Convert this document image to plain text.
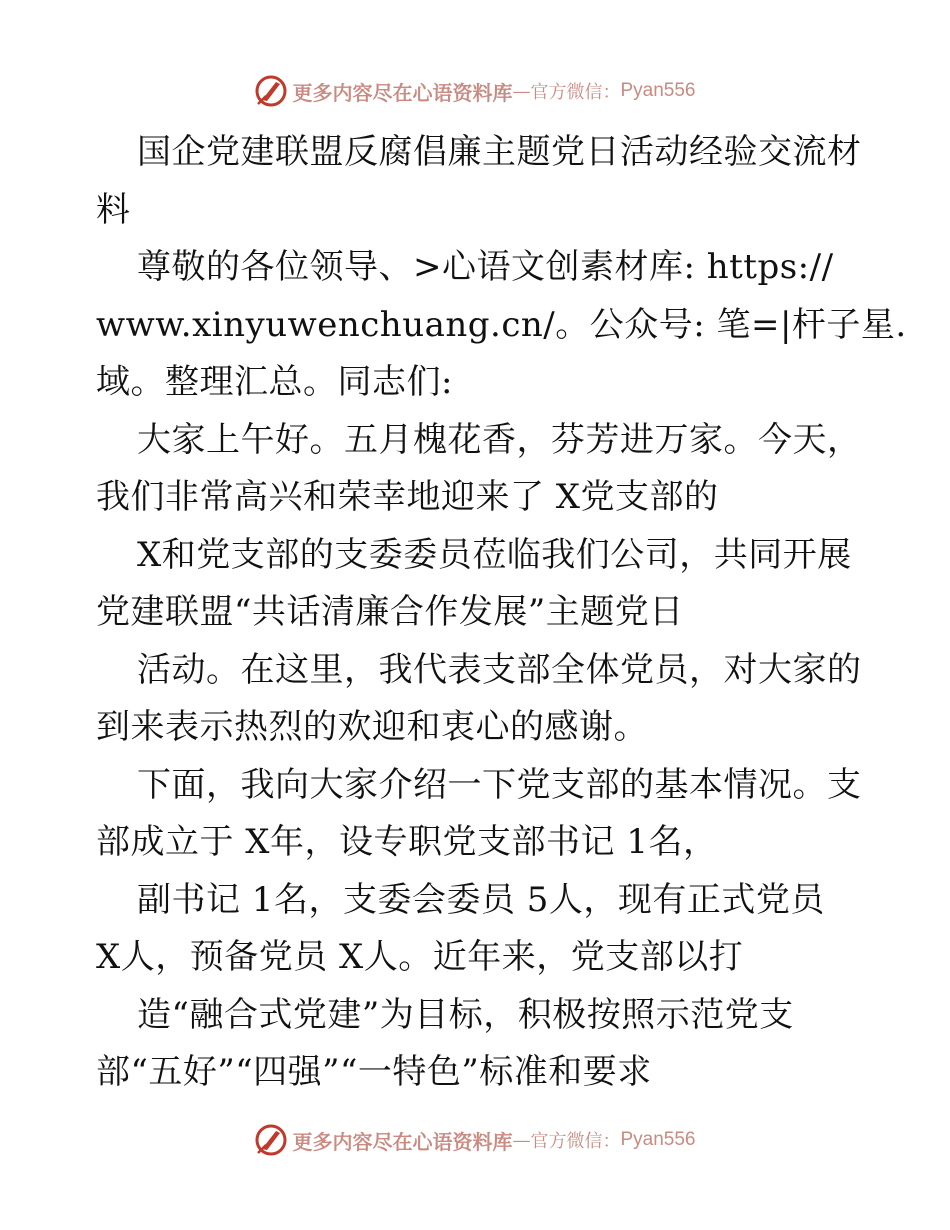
更多内容尽在心语资料库 — 官方微信： Pyan556
国企党建联盟反腐倡廉主题党日活动经验交流材
料
尊敬的各位领导、>心语文创素材库: https://
www.xinyuwenchuang.cn/。公众号: 笔=|杆子星.
域。整理汇总。同志们:
大家上午好。五月槐花香，芬芳进万家。今天，
我们非常高兴和荣幸地迎来了 X党支部的
X和党支部的支委委员莅临我们公司，共同开展
党建联盟“共话清廉合作发展”主题党日
活动。在这里，我代表支部全体党员，对大家的
到来表示热烈的欢迎和衷心的感谢。
下面，我向大家介绍一下党支部的基本情况。支
部成立于 X年，设专职党支部书记 1名，
副书记 1名，支委会委员 5人，现有正式党员
X人，预备党员 X人。近年来，党支部以打
造“融合式党建”为目标，积极按照示范党支
部“五好”“四强”“一特色”标准和要求
更多内容尽在心语资料库 — 官方微信： Pyan556
